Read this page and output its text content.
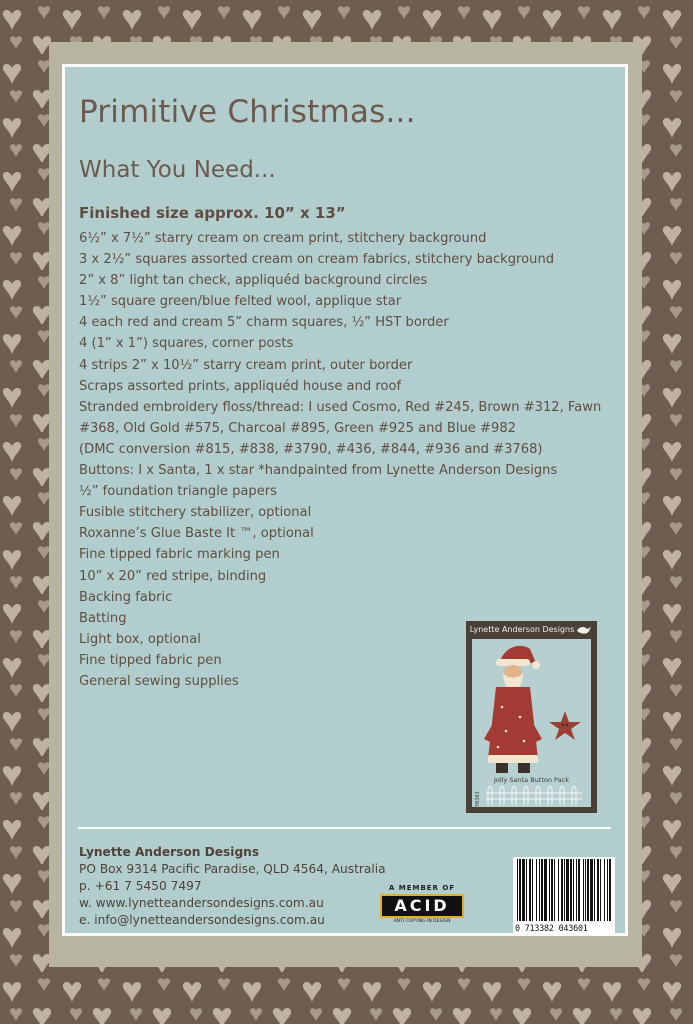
Primitive Christmas...
What You Need...

Finished size approx. 10” x 13”

6½” x 7½” starry cream on cream print, stitchery background
3 x 2½” squares assorted cream on cream fabrics, stitchery background
2” x 8” light tan check, appliquéd background circles
1½” square green/blue felted wool, applique star
4 each red and cream 5” charm squares, ½” HST border
4 (1” x 1”) squares, corner posts
4 strips 2” x 10½” starry cream print, outer border
Scraps assorted prints, appliquéd house and roof
Stranded embroidery floss/thread: I used Cosmo, Red #245, Brown #312, Fawn
#368, Old Gold #575, Charcoal #895, Green #925 and Blue #982
(DMC conversion #815, #838, #3790, #436, #844, #936 and #3768)
Buttons: I x Santa, 1 x star *handpainted from Lynette Anderson Designs
½” foundation triangle papers
Fusible stitchery stabilizer, optional
Roxanne’s Glue Baste It ™, optional
Fine tipped fabric marking pen
10” x 20” red stripe, binding
Backing fabric
Batting
Light box, optional
Fine tipped fabric pen
General sewing supplies
Lynette Anderson Designs
Jolly Santa Button Pack
YB361
Lynette Anderson Designs
PO Box 9314 Pacific Paradise, QLD 4564, Australia
p. +61 7 5450 7497
w. www.lynetteandersondesigns.com.au
e. info@lynetteandersondesigns.com.au
A MEMBER OF
ACID
ANTI COPYING IN DESIGN
0 713382 043601
